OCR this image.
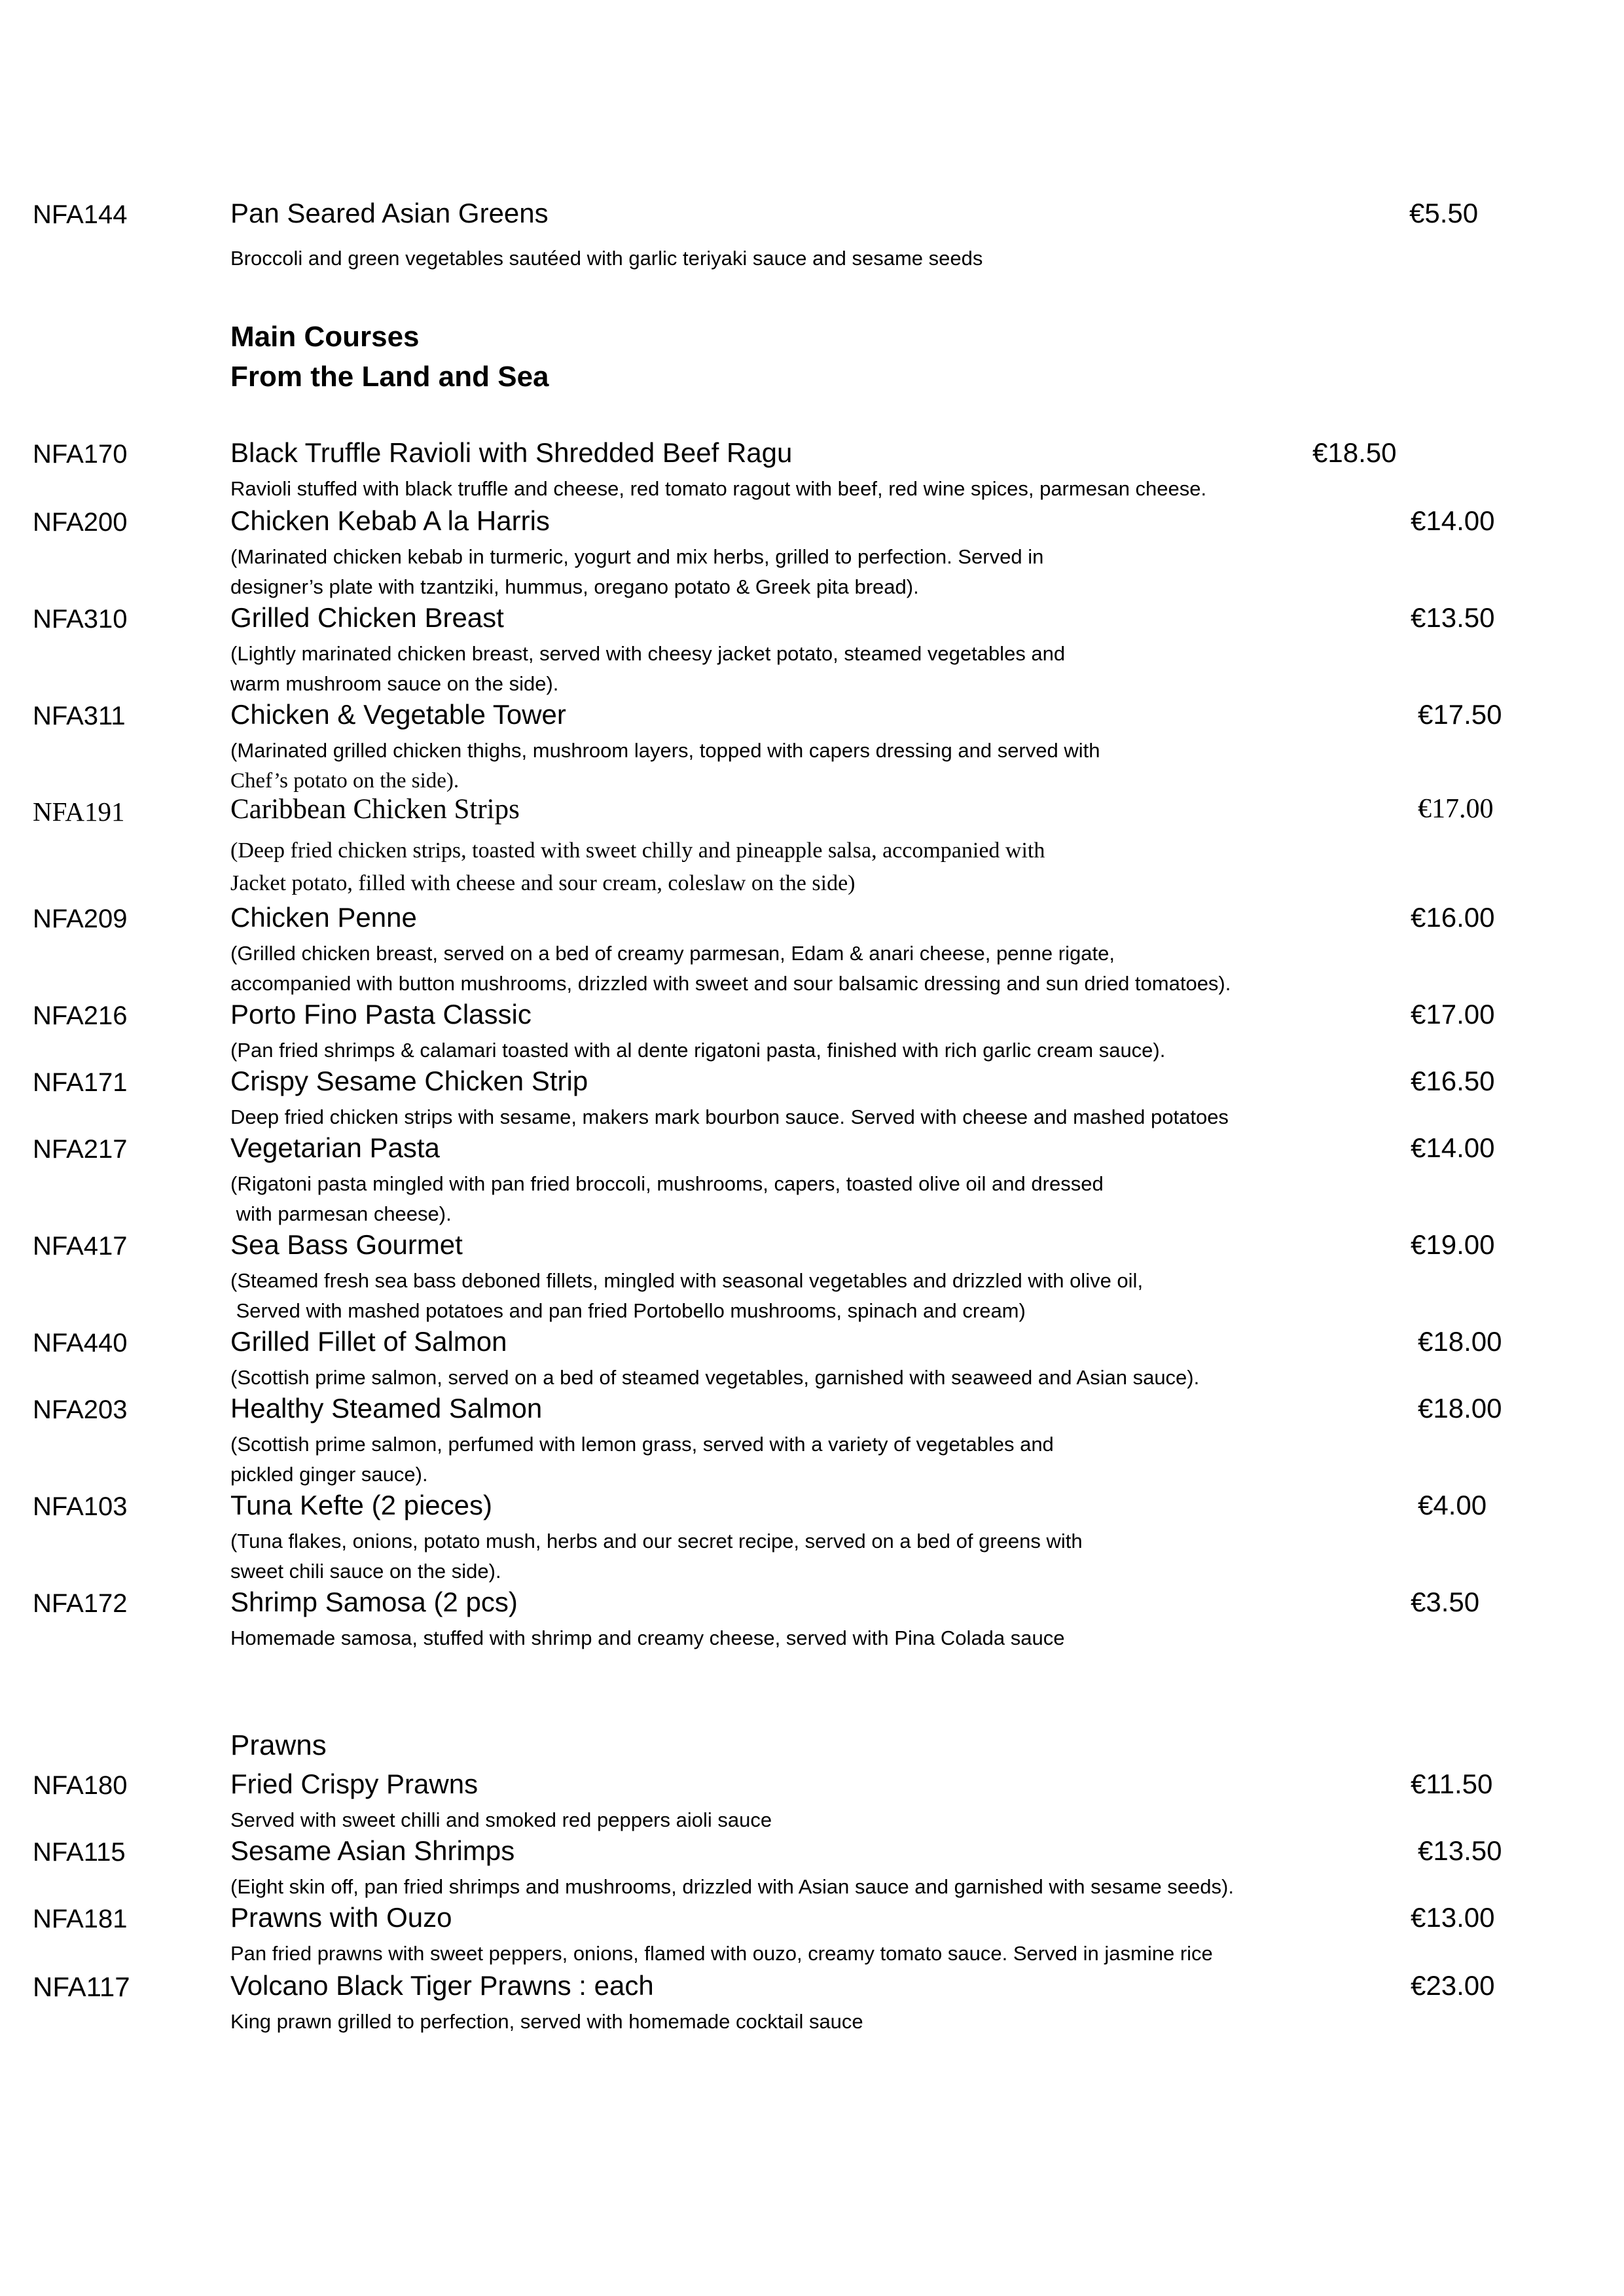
NFA144	Pan Seared Asian Greens	€5.50
Broccoli and green vegetables sautéed with garlic teriyaki sauce and sesame seeds
Main Courses
From the Land and Sea
NFA170	Black Truffle Ravioli with Shredded Beef Ragu	€18.50
Ravioli stuffed with black truffle and cheese, red tomato ragout with beef, red wine spices, parmesan cheese.
NFA200	Chicken Kebab A la Harris	€14.00
(Marinated chicken kebab in turmeric, yogurt and mix herbs, grilled to perfection. Served in
designer’s plate with tzantziki, hummus, oregano potato & Greek pita bread).
NFA310	Grilled Chicken Breast	€13.50
(Lightly marinated chicken breast, served with cheesy jacket potato, steamed vegetables and
warm mushroom sauce on the side).
NFA311	Chicken & Vegetable Tower	€17.50
(Marinated grilled chicken thighs, mushroom layers, topped with capers dressing and served with
Chef’s potato on the side).
NFA191	Caribbean Chicken Strips	€17.00
(Deep fried chicken strips, toasted with sweet chilly and pineapple salsa, accompanied with
Jacket potato, filled with cheese and sour cream, coleslaw on the side)
NFA209	Chicken Penne	€16.00
(Grilled chicken breast, served on a bed of creamy parmesan, Edam & anari cheese, penne rigate,
accompanied with button mushrooms, drizzled with sweet and sour balsamic dressing and sun dried tomatoes).
NFA216	Porto Fino Pasta Classic	€17.00
(Pan fried shrimps & calamari toasted with al dente rigatoni pasta, finished with rich garlic cream sauce).
NFA171	Crispy Sesame Chicken Strip	€16.50
Deep fried chicken strips with sesame, makers mark bourbon sauce. Served with cheese and mashed potatoes
NFA217	Vegetarian Pasta	€14.00
(Rigatoni pasta mingled with pan fried broccoli, mushrooms, capers, toasted olive oil and dressed
with parmesan cheese).
NFA417	Sea Bass Gourmet	€19.00
(Steamed fresh sea bass deboned fillets, mingled with seasonal vegetables and drizzled with olive oil,
Served with mashed potatoes and pan fried Portobello mushrooms, spinach and cream)
NFA440	Grilled Fillet of Salmon	€18.00
(Scottish prime salmon, served on a bed of steamed vegetables, garnished with seaweed and Asian sauce).
NFA203	Healthy Steamed Salmon	€18.00
(Scottish prime salmon, perfumed with lemon grass, served with a variety of vegetables and
pickled ginger sauce).
NFA103	Tuna Kefte (2 pieces)	€4.00
(Tuna flakes, onions, potato mush, herbs and our secret recipe, served on a bed of greens with
sweet chili sauce on the side).
NFA172	Shrimp Samosa (2 pcs)	€3.50
Homemade samosa, stuffed with shrimp and creamy cheese, served with Pina Colada sauce
Prawns
NFA180	Fried Crispy Prawns	€11.50
Served with sweet chilli and smoked red peppers aioli sauce
NFA115	Sesame Asian Shrimps	€13.50
(Eight skin off, pan fried shrimps and mushrooms, drizzled with Asian sauce and garnished with sesame seeds).
NFA181	Prawns with Ouzo	€13.00
Pan fried prawns with sweet peppers, onions, flamed with ouzo, creamy tomato sauce. Served in jasmine rice
NFA117	Volcano Black Tiger Prawns : each	€23.00
King prawn grilled to perfection, served with homemade cocktail sauce
